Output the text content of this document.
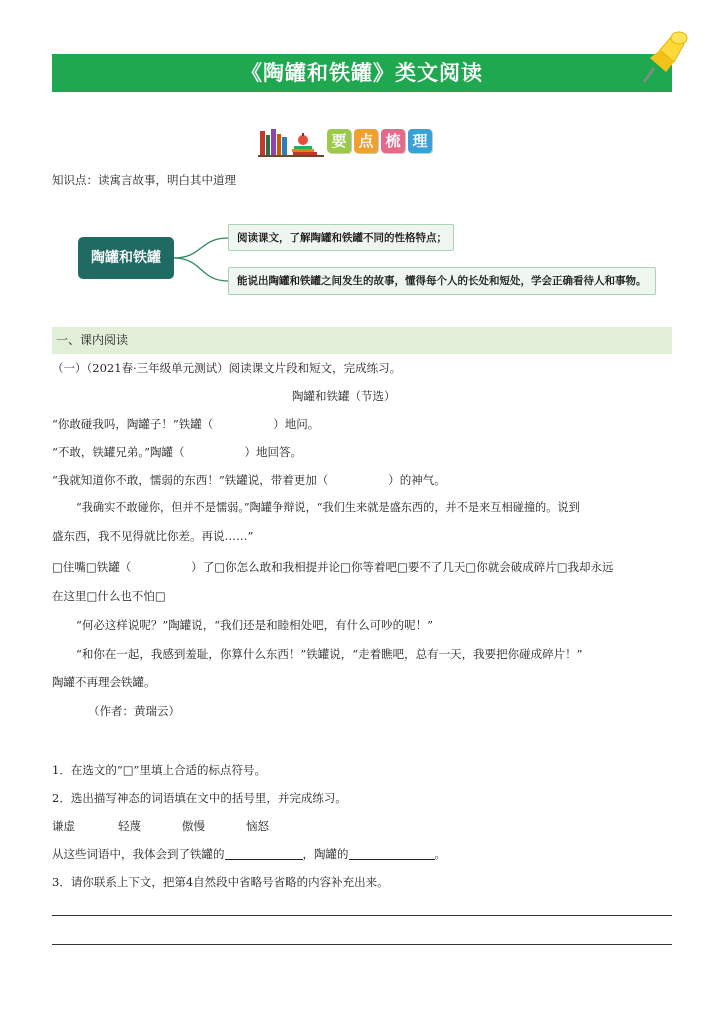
《陶罐和铁罐》类文阅读
要 点 梳 理
知识点：读寓言故事，明白其中道理
陶罐和铁罐
阅读课文，了解陶罐和铁罐不同的性格特点；
能说出陶罐和铁罐之间发生的故事，懂得每个人的长处和短处，学会正确看待人和事物。
一、课内阅读
（一）（2021春·三年级单元测试）阅读课文片段和短文，完成练习。
陶罐和铁罐（节选）
“你敢碰我吗，陶罐子！”铁罐（	）地问。
“不敢，铁罐兄弟。”陶罐（	）地回答。
“我就知道你不敢，懦弱的东西！”铁罐说，带着更加（	）的神气。
“我确实不敢碰你，但并不是懦弱。”陶罐争辩说，“我们生来就是盛东西的，并不是来互相碰撞的。说到
盛东西，我不见得就比你差。再说……”
□住嘴□铁罐（	）了□你怎么敢和我相提并论□你等着吧□要不了几天□你就会破成碎片□我却永远
在这里□什么也不怕□
“何必这样说呢？”陶罐说，“我们还是和睦相处吧，有什么可吵的呢！”
“和你在一起，我感到羞耻，你算什么东西！”铁罐说，“走着瞧吧，总有一天，我要把你碰成碎片！”
陶罐不再理会铁罐。
（作者：黄瑞云）
1．在选文的“□”里填上合适的标点符号。
2．选出描写神态的词语填在文中的括号里，并完成练习。
谦虚	轻蔑	傲慢	恼怒
从这些词语中，我体会到了铁罐的	，陶罐的	。
3．请你联系上下文，把第4自然段中省略号省略的内容补充出来。
